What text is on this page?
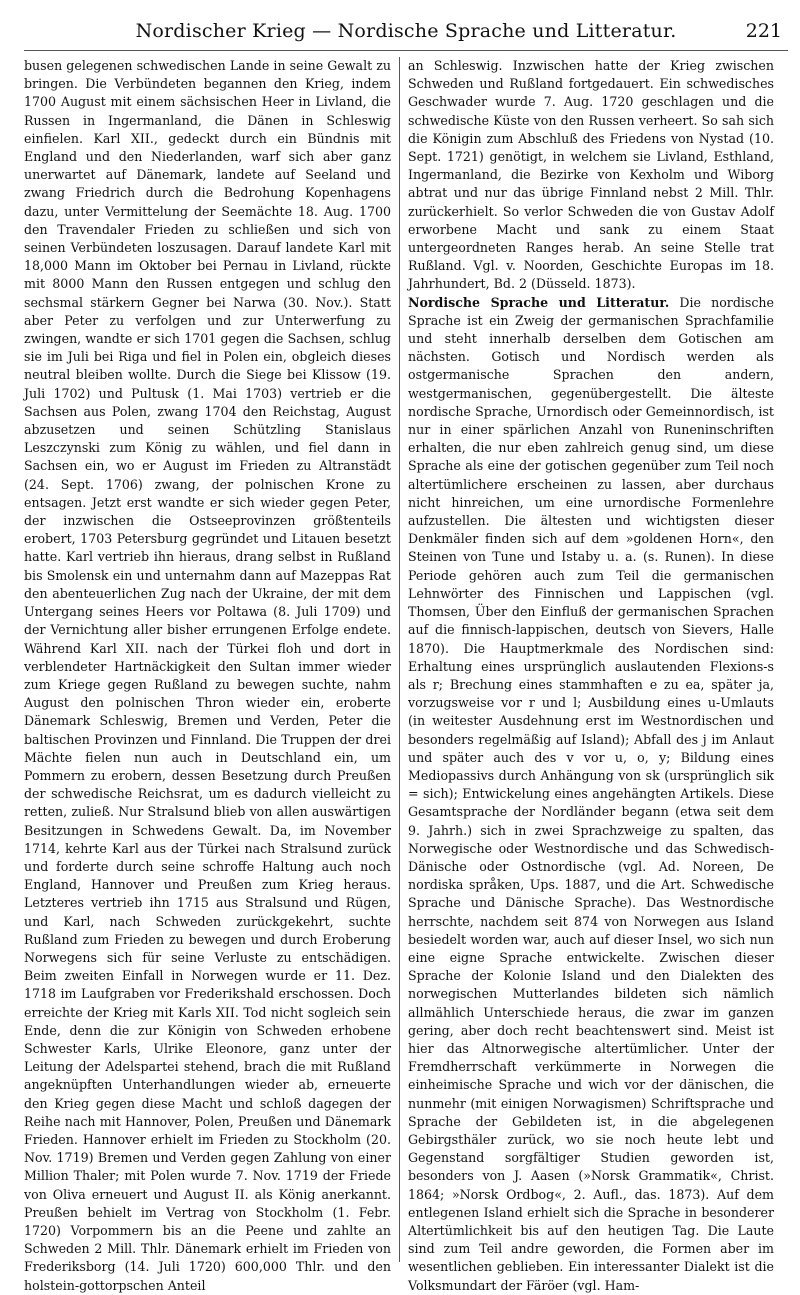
Nordischer Krieg — Nordische Sprache und Litteratur.	221

busen gelegenen schwedischen Lande in seine Gewalt zu bringen. Die Verbündeten begannen den Krieg, indem 1700 August mit einem sächsischen Heer in Livland, die Russen in Ingermanland, die Dänen in Schleswig einfielen. Karl XII., gedeckt durch ein Bündnis mit England und den Niederlanden, warf sich aber ganz unerwartet auf Dänemark, landete auf Seeland und zwang Friedrich durch die Bedrohung Kopenhagens dazu, unter Vermittelung der Seemächte 18. Aug. 1700 den Travendaler Frieden zu schließen und sich von seinen Verbündeten loszusagen. Darauf landete Karl mit 18,000 Mann im Oktober bei Pernau in Livland, rückte mit 8000 Mann den Russen entgegen und schlug den sechsmal stärkern Gegner bei Narwa (30. Nov.). Statt aber Peter zu verfolgen und zur Unterwerfung zu zwingen, wandte er sich 1701 gegen die Sachsen, schlug sie im Juli bei Riga und fiel in Polen ein, obgleich dieses neutral bleiben wollte. Durch die Siege bei Klissow (19. Juli 1702) und Pultusk (1. Mai 1703) vertrieb er die Sachsen aus Polen, zwang 1704 den Reichstag, August abzusetzen und seinen Schützling Stanislaus Leszczynski zum König zu wählen, und fiel dann in Sachsen ein, wo er August im Frieden zu Altranstädt (24. Sept. 1706) zwang, der polnischen Krone zu entsagen. Jetzt erst wandte er sich wieder gegen Peter, der inzwischen die Ostseeprovinzen größtenteils erobert, 1703 Petersburg gegründet und Litauen besetzt hatte. Karl vertrieb ihn hieraus, drang selbst in Rußland bis Smolensk ein und unternahm dann auf Mazeppas Rat den abenteuerlichen Zug nach der Ukraine, der mit dem Untergang seines Heers vor Poltawa (8. Juli 1709) und der Vernichtung aller bisher errungenen Erfolge endete. Während Karl XII. nach der Türkei floh und dort in verblendeter Hartnäckigkeit den Sultan immer wieder zum Kriege gegen Rußland zu bewegen suchte, nahm August den polnischen Thron wieder ein, eroberte Dänemark Schleswig, Bremen und Verden, Peter die baltischen Provinzen und Finnland. Die Truppen der drei Mächte fielen nun auch in Deutschland ein, um Pommern zu erobern, dessen Besetzung durch Preußen der schwedische Reichsrat, um es dadurch vielleicht zu retten, zuließ. Nur Stralsund blieb von allen auswärtigen Besitzungen in Schwedens Gewalt. Da, im November 1714, kehrte Karl aus der Türkei nach Stralsund zurück und forderte durch seine schroffe Haltung auch noch England, Hannover und Preußen zum Krieg heraus. Letzteres vertrieb ihn 1715 aus Stralsund und Rügen, und Karl, nach Schweden zurückgekehrt, suchte Rußland zum Frieden zu bewegen und durch Eroberung Norwegens sich für seine Verluste zu entschädigen. Beim zweiten Einfall in Norwegen wurde er 11. Dez. 1718 im Laufgraben vor Frederikshald erschossen. Doch erreichte der Krieg mit Karls XII. Tod nicht sogleich sein Ende, denn die zur Königin von Schweden erhobene Schwester Karls, Ulrike Eleonore, ganz unter der Leitung der Adelspartei stehend, brach die mit Rußland angeknüpften Unterhandlungen wieder ab, erneuerte den Krieg gegen diese Macht und schloß dagegen der Reihe nach mit Hannover, Polen, Preußen und Dänemark Frieden. Hannover erhielt im Frieden zu Stockholm (20. Nov. 1719) Bremen und Verden gegen Zahlung von einer Million Thaler; mit Polen wurde 7. Nov. 1719 der Friede von Oliva erneuert und August II. als König anerkannt. Preußen behielt im Vertrag von Stockholm (1. Febr. 1720) Vorpommern bis an die Peene und zahlte an Schweden 2 Mill. Thlr. Dänemark erhielt im Frieden von Frederiksborg (14. Juli 1720) 600,000 Thlr. und den holstein-gottorpschen Anteil

an Schleswig. Inzwischen hatte der Krieg zwischen Schweden und Rußland fortgedauert. Ein schwedisches Geschwader wurde 7. Aug. 1720 geschlagen und die schwedische Küste von den Russen verheert. So sah sich die Königin zum Abschluß des Friedens von Nystad (10. Sept. 1721) genötigt, in welchem sie Livland, Esthland, Ingermanland, die Bezirke von Kexholm und Wiborg abtrat und nur das übrige Finnland nebst 2 Mill. Thlr. zurückerhielt. So verlor Schweden die von Gustav Adolf erworbene Macht und sank zu einem Staat untergeordneten Ranges herab. An seine Stelle trat Rußland. Vgl. v. Noorden, Geschichte Europas im 18. Jahrhundert, Bd. 2 (Düsseld. 1873).

Nordische Sprache und Litteratur. Die nordische Sprache ist ein Zweig der germanischen Sprachfamilie und steht innerhalb derselben dem Gotischen am nächsten. Gotisch und Nordisch werden als ostgermanische Sprachen den andern, westgermanischen, gegenübergestellt. Die älteste nordische Sprache, Urnordisch oder Gemeinnordisch, ist nur in einer spärlichen Anzahl von Runeninschriften erhalten, die nur eben zahlreich genug sind, um diese Sprache als eine der gotischen gegenüber zum Teil noch altertümlichere erscheinen zu lassen, aber durchaus nicht hinreichen, um eine urnordische Formenlehre aufzustellen. Die ältesten und wichtigsten dieser Denkmäler finden sich auf dem »goldenen Horn«, den Steinen von Tune und Istaby u. a. (s. Runen). In diese Periode gehören auch zum Teil die germanischen Lehnwörter des Finnischen und Lappischen (vgl. Thomsen, Über den Einfluß der germanischen Sprachen auf die finnisch-lappischen, deutsch von Sievers, Halle 1870). Die Hauptmerkmale des Nordischen sind: Erhaltung eines ursprünglich auslautenden Flexions-s als r; Brechung eines stammhaften e zu ea, später ja, vorzugsweise vor r und l; Ausbildung eines u-Umlauts (in weitester Ausdehnung erst im Westnordischen und besonders regelmäßig auf Island); Abfall des j im Anlaut und später auch des v vor u, o, y; Bildung eines Mediopassivs durch Anhängung von sk (ursprünglich sik = sich); Entwickelung eines angehängten Artikels. Diese Gesamtsprache der Nordländer begann (etwa seit dem 9. Jahrh.) sich in zwei Sprachzweige zu spalten, das Norwegische oder Westnordische und das Schwedisch-Dänische oder Ostnordische (vgl. Ad. Noreen, De nordiska språken, Ups. 1887, und die Art. Schwedische Sprache und Dänische Sprache). Das Westnordische herrschte, nachdem seit 874 von Norwegen aus Island besiedelt worden war, auch auf dieser Insel, wo sich nun eine eigne Sprache entwickelte. Zwischen dieser Sprache der Kolonie Island und den Dialekten des norwegischen Mutterlandes bildeten sich nämlich allmählich Unterschiede heraus, die zwar im ganzen gering, aber doch recht beachtenswert sind. Meist ist hier das Altnorwegische altertümlicher. Unter der Fremdherrschaft verkümmerte in Norwegen die einheimische Sprache und wich vor der dänischen, die nunmehr (mit einigen Norwagismen) Schriftsprache und Sprache der Gebildeten ist, in die abgelegenen Gebirgsthäler zurück, wo sie noch heute lebt und Gegenstand sorgfältiger Studien geworden ist, besonders von J. Aasen (»Norsk Grammatik«, Christ. 1864; »Norsk Ordbog«, 2. Aufl., das. 1873). Auf dem entlegenen Island erhielt sich die Sprache in besonderer Altertümlichkeit bis auf den heutigen Tag. Die Laute sind zum Teil andre geworden, die Formen aber im wesentlichen geblieben. Ein interessanter Dialekt ist die Volksmundart der Färöer (vgl. Ham-
